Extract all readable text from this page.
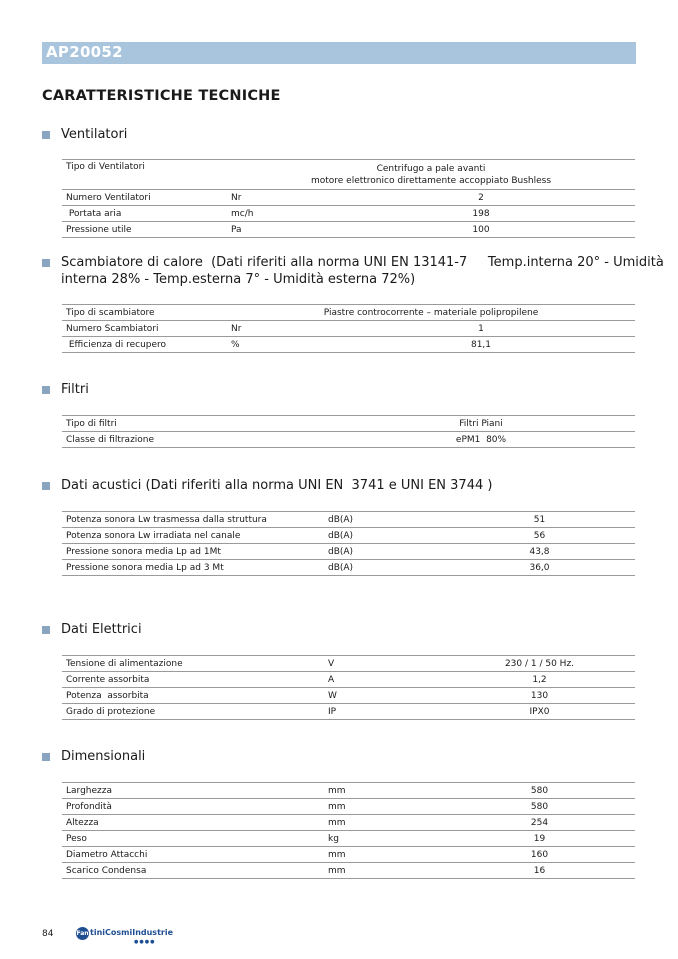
AP20052
CARATTERISTICHE TECNICHE
Ventilatori
Tipo di Ventilatori	Centrifugo a pale avanti
motore elettronico direttamente accoppiato Bushless	

Numero Ventilatori	Nr	2
Portata aria	mc/h	198
Pressione utile	Pa	100
Scambiatore di calore  (Dati riferiti alla norma UNI EN 13141-7     Temp.interna 20° - Umidità
interna 28% - Temp.esterna 7° - Umidità esterna 72%)
Tipo di scambiatore	Piastre controcorrente – materiale polipropilene	
Numero Scambiatori	Nr	1
Efficienza di recupero	%	81,1
Filtri
Tipo di filtri	Filtri Piani
Classe di filtrazione	ePM1  80%
Dati acustici (Dati riferiti alla norma UNI EN  3741 e UNI EN 3744 )
Potenza sonora Lw trasmessa dalla struttura	dB(A)	51
Potenza sonora Lw irradiata nel canale	dB(A)	56
Pressione sonora media Lp ad 1Mt	dB(A)	43,8
Pressione sonora media Lp ad 3 Mt	dB(A)	36,0
Dati Elettrici
Tensione di alimentazione	V	230 / 1 / 50 Hz.
Corrente assorbita	A	1,2
Potenza  assorbita	W	130
Grado di protezione	IP	IPX0
Dimensionali
Larghezza	mm	580
Profondità	mm	580
Altezza	mm	254
Peso	kg	19
Diametro Attacchi	mm	160
Scarico Condensa	mm	16
84	Fan tiniCosmiIndustrie
●●●●
